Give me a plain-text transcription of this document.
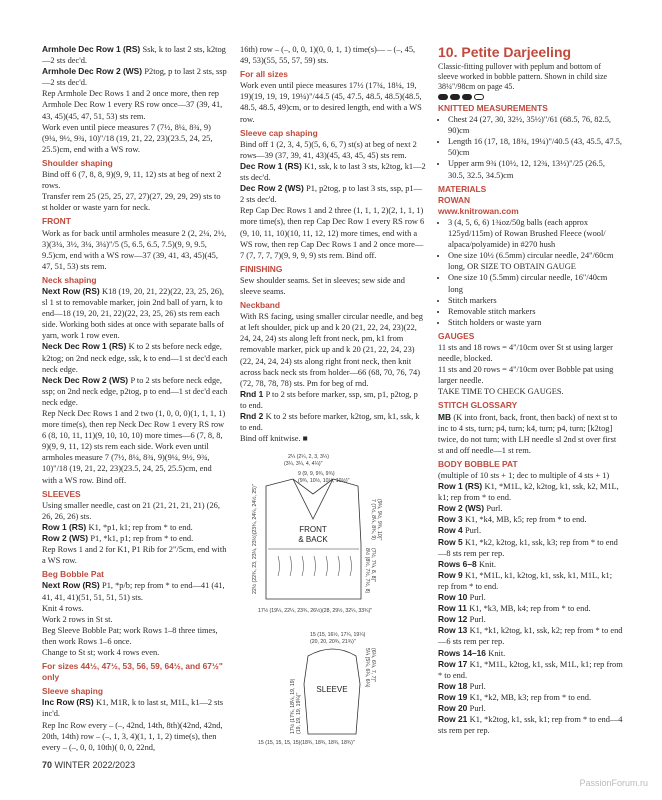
Armhole Dec Row 1 (RS) Ssk, k to last 2 sts, k2tog—2 sts dec'd.

Armhole Dec Row 2 (WS) P2tog, p to last 2 sts, ssp—2 sts dec'd.

Rep Armhole Dec Rows 1 and 2 once more, then rep Armhole Dec Row 1 every RS row once—37 (39, 41, 43, 45)(45, 47, 51, 53) sts rem.

Work even until piece measures 7 (7½, 8¼, 8¾, 9) (9¼, 9½, 9¾, 10)"/18 (19, 21, 22, 23)(23.5, 24, 25, 25.5)cm, end with a WS row.

Shoulder shaping

Bind off 6 (7, 8, 8, 9)(9, 9, 11, 12) sts at beg of next 2 rows.

Transfer rem 25 (25, 25, 27, 27)(27, 29, 29, 29) sts to st holder or waste yarn for neck.

FRONT

Work as for back until armholes measure 2 (2, 2¼, 2½, 3)(3¼, 3½, 3¼, 3¼)"/5 (5, 6.5, 6.5, 7.5)(9, 9, 9.5, 9.5)cm, end with a WS row—37 (39, 41, 43, 45)(45, 47, 51, 53) sts rem.

Neck shaping

Next Row (RS) K18 (19, 20, 21, 22)(22, 23, 25, 26), sl 1 st to removable marker, join 2nd ball of yarn, k to end—18 (19, 20, 21, 22)(22, 23, 25, 26) sts rem each side. Working both sides at once with separate balls of yarn, work 1 row even.

Neck Dec Row 1 (RS) K to 2 sts before neck edge, k2tog; on 2nd neck edge, ssk, k to end—1 st dec'd each neck edge.

Neck Dec Row 2 (WS) P to 2 sts before neck edge, ssp; on 2nd neck edge, p2tog, p to end—1 st dec'd each neck edge.

Rep Neck Dec Rows 1 and 2 two (1, 0, 0, 0)(1, 1, 1, 1) more time(s), then rep Neck Dec Row 1 every RS row 6 (8, 10, 11, 11)(9, 10, 10, 10) more times—6 (7, 8, 8, 9)(9, 9, 11, 12) sts rem each side. Work even until armholes measure 7 (7½, 8¼, 8¾, 9)(9¼, 9½, 9¾, 10)"/18 (19, 21, 22, 23)(23.5, 24, 25, 25.5)cm, end with a WS row. Bind off.

SLEEVES

Using smaller needle, cast on 21 (21, 21, 21, 21) (26, 26, 26, 26) sts.

Row 1 (RS) K1, *p1, k1; rep from * to end.

Row 2 (WS) P1, *k1, p1; rep from * to end.

Rep Rows 1 and 2 for K1, P1 Rib for 2"/5cm, end with a WS row.

Beg Bobble Pat

Next Row (RS) P1, *p/b; rep from * to end—41 (41, 41, 41, 41)(51, 51, 51, 51) sts.

Knit 4 rows.

Work 2 rows in St st.

Beg Sleeve Bobble Pat; work Rows 1–8 three times, then work Rows 1–6 once.

Change to St st; work 4 rows even.

For sizes 44½, 47½, 53, 56, 59, 64½, and 67½" only

Sleeve shaping

Inc Row (RS) K1, M1R, k to last st, M1L, k1—2 sts inc'd.

Rep Inc Row every – (–, 42nd, 14th, 8th)(42nd, 42nd, 20th, 14th) row – (–, 1, 3, 4)(1, 1, 1, 2) time(s), then every – (–, 0, 0, 10th)( 0, 0, 22nd,

16th) row – (–, 0, 0, 1)(0, 0, 1, 1) time(s)— – (–, 45, 49, 53)(55, 55, 57, 59) sts.

For all sizes

Work even until piece measures 17½ (17¾, 18¼, 19, 19)(19, 19, 19, 19¼)"/44.5 (45, 47.5, 48.5, 48.5)(48.5, 48.5, 48.5, 49)cm, or to desired length, end with a WS row.

Sleeve cap shaping

Bind off 1 (2, 3, 4, 5)(5, 6, 6, 7) st(s) at beg of next 2 rows—39 (37, 39, 41, 43)(45, 43, 45, 45) sts rem.

Dec Row 1 (RS) K1, ssk, k to last 3 sts, k2tog, k1—2 sts dec'd.

Dec Row 2 (WS) P1, p2tog, p to last 3 sts, ssp, p1—2 sts dec'd.

Rep Cap Dec Rows 1 and 2 three (1, 1, 1, 2)(2, 1, 1, 1) more time(s), then rep Cap Dec Row 1 every RS row 6 (9, 10, 11, 10)(10, 11, 12, 12) more times, end with a WS row, then rep Cap Dec Rows 1 and 2 once more—7 (7, 7, 7, 7)(9, 9, 9, 9) sts rem. Bind off.

FINISHING

Sew shoulder seams. Set in sleeves; sew side and sleeve seams.

Neckband

With RS facing, using smaller circular needle, and beg at left shoulder, pick up and k 20 (21, 22, 24, 23)(22, 24, 24, 24) sts along left front neck, pm, k1 from removable marker, pick up and k 20 (21, 22, 24, 23)(22, 24, 24, 24) sts along right front neck, then knit across back neck sts from holder—66 (68, 70, 76, 74)(72, 78, 78, 78) sts. Pm for beg of rnd.

Rnd 1 P to 2 sts before marker, ssp, sm, p1, p2tog, p to end.

Rnd 2 K to 2 sts before marker, k2tog, sm, k1, ssk, k to end.

Bind off knitwise. ■

10. Petite Darjeeling

Classic-fitting pullover with peplum and bottom of sleeve worked in bobble pattern. Shown in child size 38¼"/98cm on page 45.

KNITTED MEASUREMENTS

• Chest 24 (27, 30, 32½, 35½)"/61 (68.5, 76, 82.5, 90)cm
• Length 16 (17, 18, 18¾, 19¼)"/40.5 (43, 45.5, 47.5, 50)cm
• Upper arm 9¾ (10½, 12, 12¾, 13½)"/25 (26.5, 30.5, 32.5, 34.5)cm

MATERIALS

ROWAN

www.knitrowan.com

• 3 (4, 5, 6, 6) 1¾oz/50g balls (each approx 125yd/115m) of Rowan Brushed Fleece (wool/ alpaca/polyamide) in #270 hush
• One size 10½ (6.5mm) circular needle, 24"/60cm long, OR SIZE TO OBTAIN GAUGE
• One size 10 (5.5mm) circular needle, 16"/40cm long
• Stitch markers
• Removable stitch markers
• Stitch holders or waste yarn

GAUGES

11 sts and 18 rows = 4"/10cm over St st using larger needle, blocked.

11 sts and 20 rows = 4"/10cm over Bobble pat using larger needle.

TAKE TIME TO CHECK GAUGES.

STITCH GLOSSARY

MB (K into front, back, front, then back) of next st to inc to 4 sts, turn; p4, turn; k4, turn; p4, turn; [k2tog] twice, do not turn; with LH needle sl 2nd st over first st and off needle—1 st rem.

BODY BOBBLE PAT

(multiple of 10 sts + 1; dec to multiple of 4 sts + 1)

Row 1 (RS) K1, *M1L, k2, k2tog, k1, ssk, k2, M1L, k1; rep from * to end.

Row 2 (WS) Purl.

Row 3 K1, *k4, MB, k5; rep from * to end.

Row 4 Purl.

Row 5 K1, *k2, k2tog, k1, ssk, k3; rep from * to end—8 sts rem per rep.

Rows 6–8 Knit.

Row 9 K1, *M1L, k1, k2tog, k1, ssk, k1, M1L, k1; rep from * to end.

Row 10 Purl.

Row 11 K1, *k3, MB, k4; rep from * to end.

Row 12 Purl.

Row 13 K1, *k1, k2tog, k1, ssk, k2; rep from * to end—6 sts rem per rep.

Rows 14–16 Knit.

Row 17 K1, *M1L, k2tog, k1, ssk, M1L, k1; rep from * to end.

Row 18 Purl.

Row 19 K1, *k2, MB, k3; rep from * to end.

Row 20 Purl.

Row 21 K1, *k2tog, k1, ssk, k1; rep from * to end—4 sts rem per rep.

FRONT
& BACK
2¼ (2¼, 2, 3, 3¼)
(3¼, 3¼, 4, 4¼)"
9 (9, 9, 9¾, 9¾)
(9¾, 10½, 10½, 10½)"
7 (7½, 8¼, 8¾, 9) (9¼, 9½, 9¾, 10)"
8½ (8½, 7½, 7½, 8) (7½, 7¼, 8, 8)"
22½ (22¾, 23, 23¼, 23½)(23¾, 24¼, 24½, 25)"
17½ (19¼, 22¼, 23¾, 26½)(28, 29½, 32¼, 33¾)"
SLEEVE
15 (15, 16½, 17¼, 19¼)
(20, 20, 20¾, 21¾)"
5¼ (5¼, 6¼, 6¼) (6¼, 6¼, 7, 7)"
17½ (17¾, 18¼, 19, 19) (19, 19, 19, 19¼)"
15 (15, 15, 15, 15)(18¾, 18¾, 18¾, 18¾)"
70 WINTER 2022/2023
PassionForum.ru
